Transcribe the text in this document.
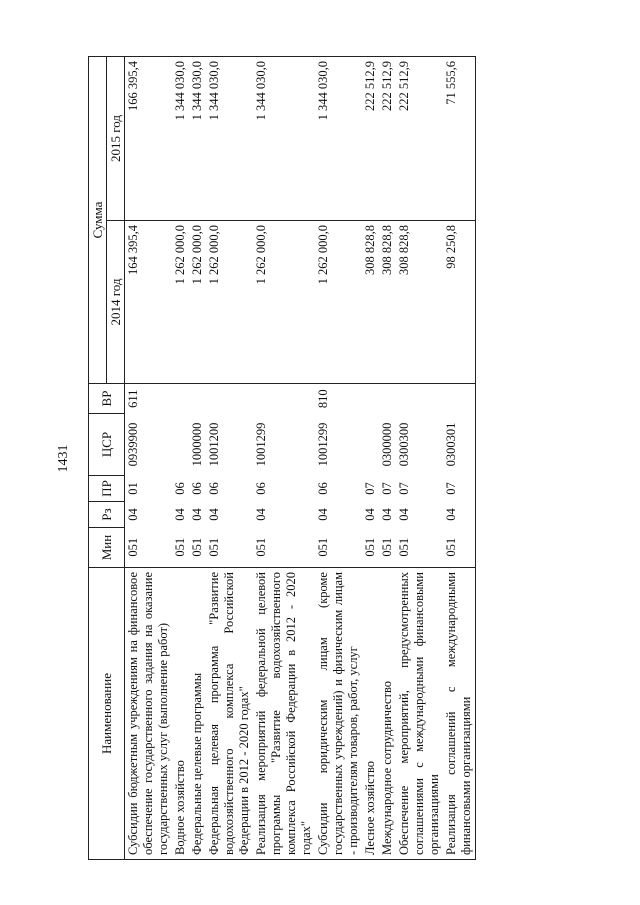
1431
Наименование	Мин	Рз	ПР	ЦСР	ВР	Сумма	
						2014 год	2015 год
Субсидии бюджетным учреждениям на финансовое обеспечение государственного задания на оказание государственных услуг (выполнение работ)	051	04	01	0939900	611	164 395,4	166 395,4
Водное хозяйство	051	04	06			1 262 000,0	1 344 030,0
Федеральные целевые программы	051	04	06	1000000		1 262 000,0	1 344 030,0
Федеральная целевая программа "Развитие водохозяйственного комплекса Российской Федерации в 2012 - 2020 годах"	051	04	06	1001200		1 262 000,0	1 344 030,0
Реализация мероприятий федеральной целевой программы "Развитие водохозяйственного комплекса Российской Федерации в 2012 - 2020 годах"	051	04	06	1001299		1 262 000,0	1 344 030,0
Субсидии юридическим лицам (кроме государственных учреждений) и физическим лицам - производителям товаров, работ, услуг	051	04	06	1001299	810	1 262 000,0	1 344 030,0
Лесное хозяйство	051	04	07			308 828,8	222 512,9
Международное сотрудничество	051	04	07	0300000		308 828,8	222 512,9
Обеспечение мероприятий, предусмотренных соглашениями с международными финансовыми организациями	051	04	07	0300300		308 828,8	222 512,9
Реализация соглашений с международными финансовыми организациями	051	04	07	0300301		98 250,8	71 555,6
